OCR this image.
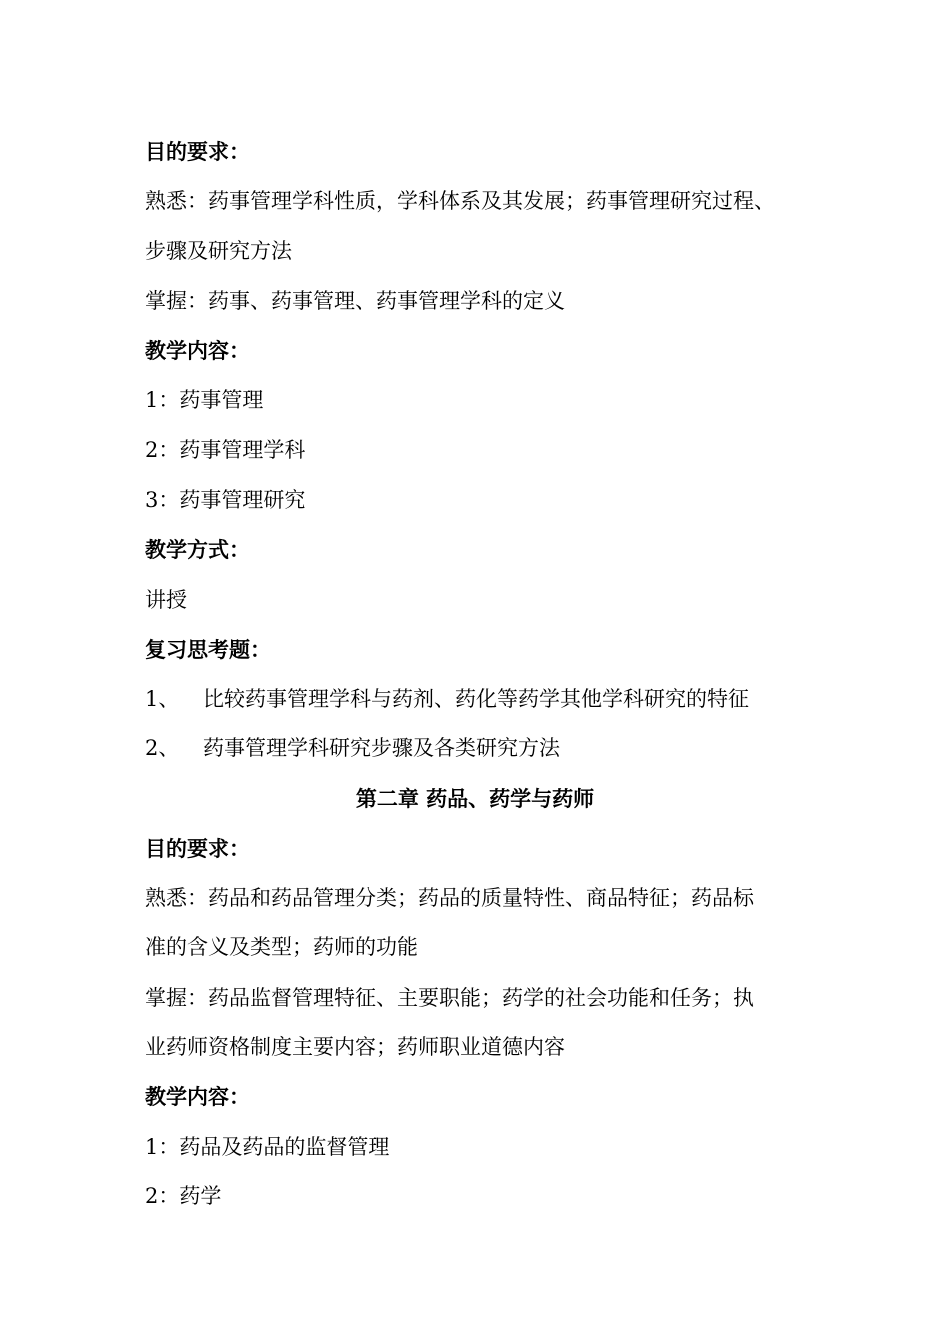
目的要求：
熟悉：药事管理学科性质，学科体系及其发展；药事管理研究过程、
步骤及研究方法
掌握：药事、药事管理、药事管理学科的定义
教学内容：
1：药事管理
2：药事管理学科
3：药事管理研究
教学方式：
讲授
复习思考题：
1、 比较药事管理学科与药剂、药化等药学其他学科研究的特征
2、 药事管理学科研究步骤及各类研究方法
第二章 药品、药学与药师
目的要求：
熟悉：药品和药品管理分类；药品的质量特性、商品特征；药品标
准的含义及类型；药师的功能
掌握：药品监督管理特征、主要职能；药学的社会功能和任务；执
业药师资格制度主要内容；药师职业道德内容
教学内容：
1：药品及药品的监督管理
2：药学
